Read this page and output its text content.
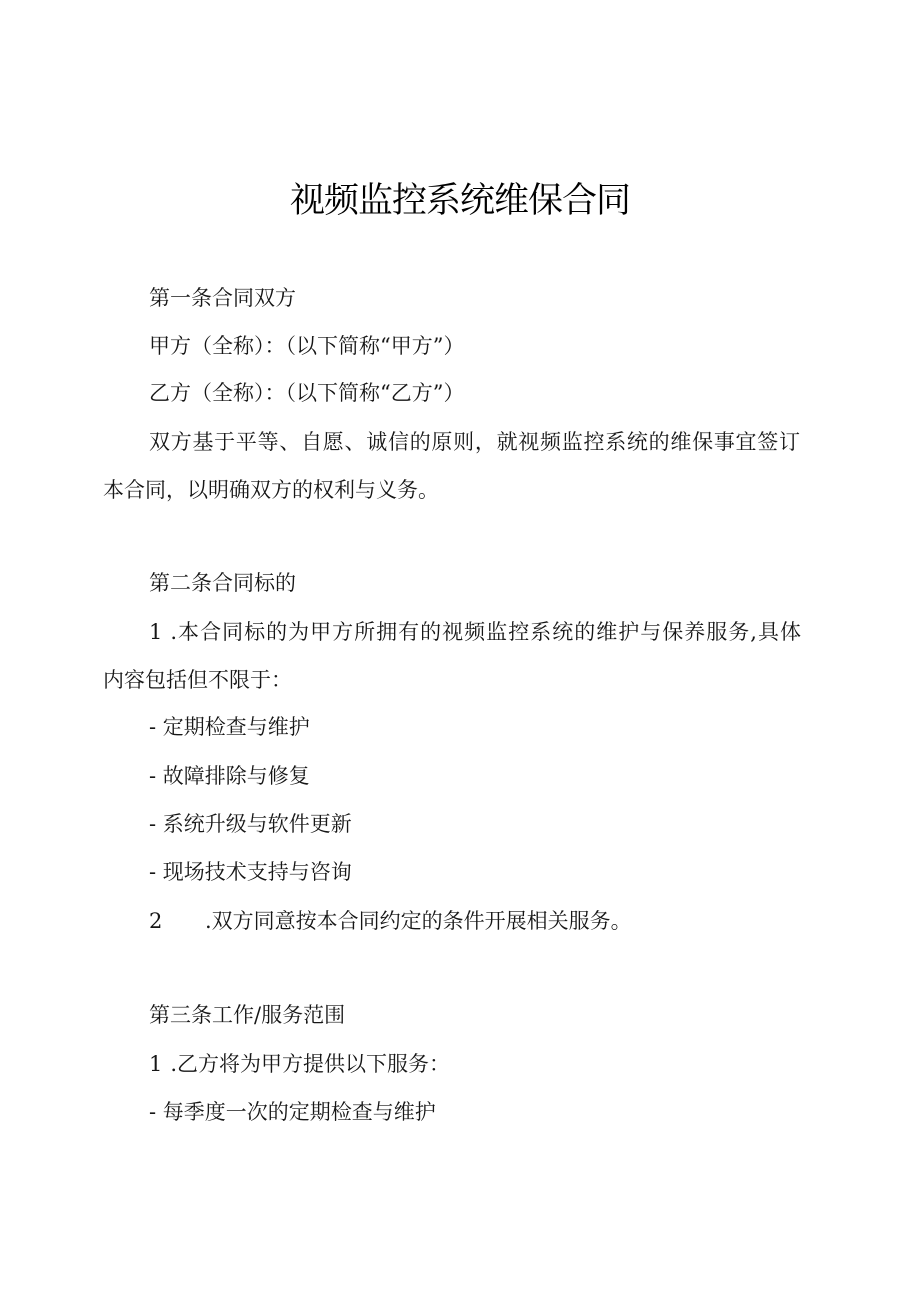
视频监控系统维保合同
第一条合同双方
甲方（全称）：（以下简称“甲方”）
乙方（全称）：（以下简称“乙方”）
双方基于平等、自愿、诚信的原则，就视频监控系统的维保事宜签订
本合同，以明确双方的权利与义务。
第二条合同标的
1 .本合同标的为甲方所拥有的视频监控系统的维护与保养服务,具体
内容包括但不限于：
- 定期检查与维护
- 故障排除与修复
- 系统升级与软件更新
- 现场技术支持与咨询
2 .双方同意按本合同约定的条件开展相关服务。
第三条工作/服务范围
1 .乙方将为甲方提供以下服务：
- 每季度一次的定期检查与维护
